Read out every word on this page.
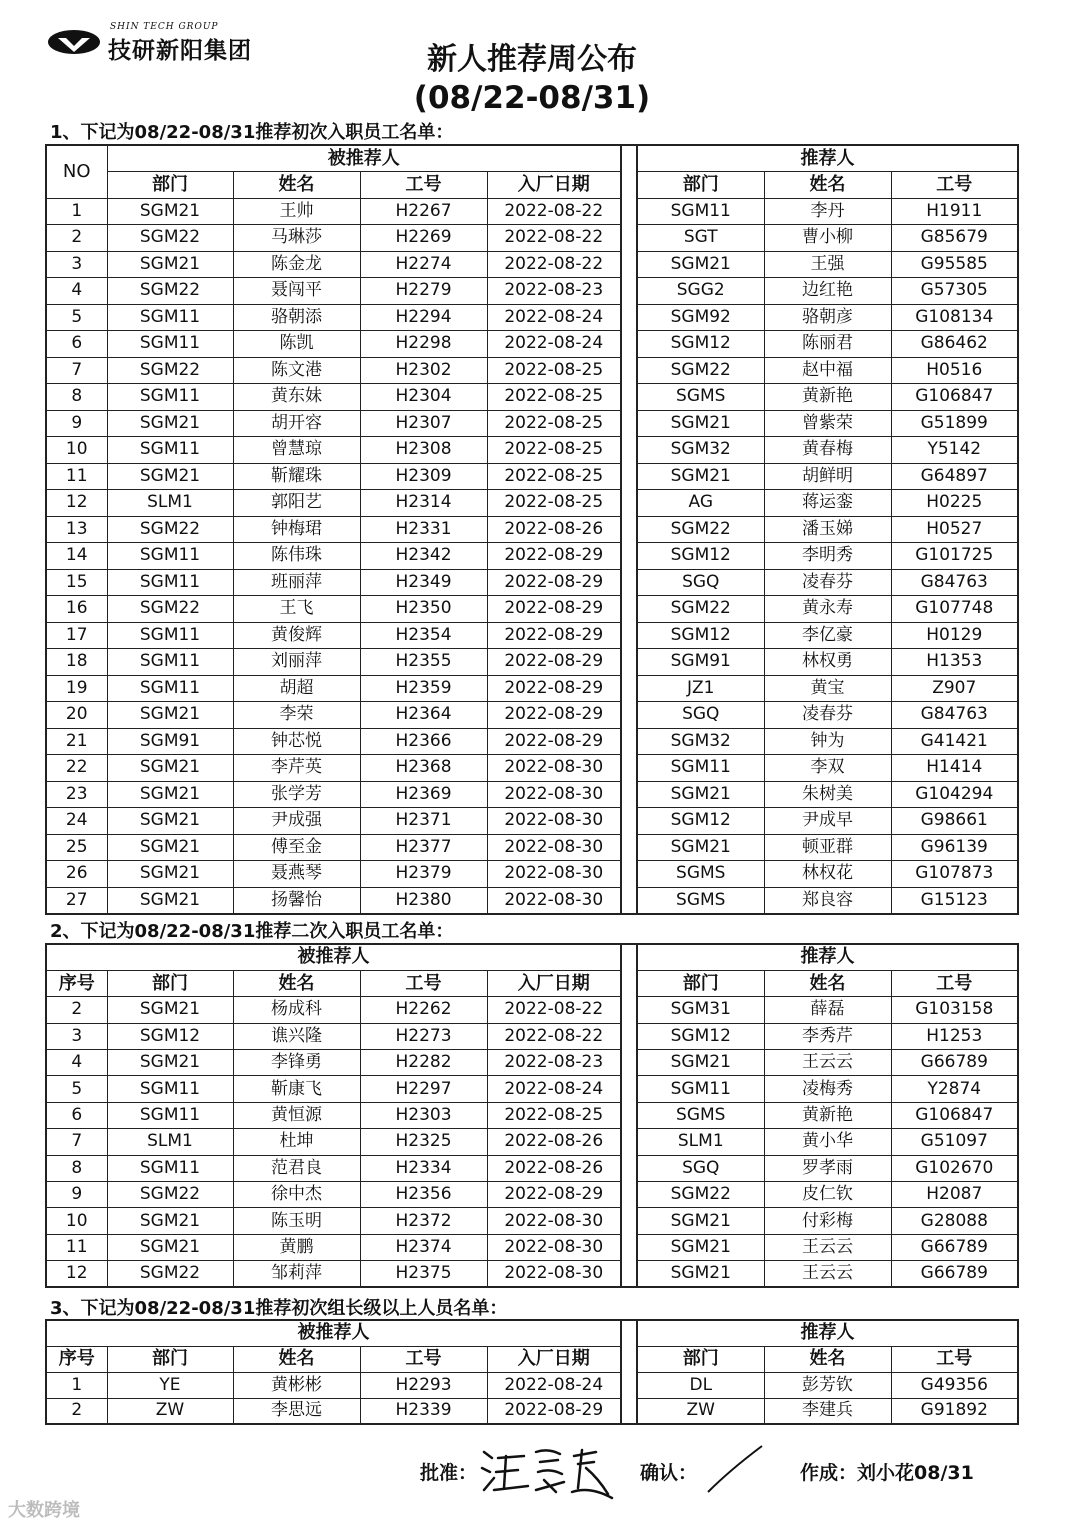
SHIN TECH GROUP
技研新阳集团	新人推荐周公布
(08/22-08/31)
1、下记为08/22-08/31推荐初次入职员工名单：
NO	被推荐人					推荐人		
	部门	姓名	工号	入厂日期		部门	姓名	工号
1	SGM21	王帅	H2267	2022-08-22		SGM11	李丹	H1911
2	SGM22	马琳莎	H2269	2022-08-22		SGT	曹小柳	G85679
3	SGM21	陈金龙	H2274	2022-08-22		SGM21	王强	G95585
4	SGM22	聂闯平	H2279	2022-08-23		SGG2	边红艳	G57305
5	SGM11	骆朝添	H2294	2022-08-24		SGM92	骆朝彦	G108134
6	SGM11	陈凯	H2298	2022-08-24		SGM12	陈丽君	G86462
7	SGM22	陈文港	H2302	2022-08-25		SGM22	赵中福	H0516
8	SGM11	黄东妹	H2304	2022-08-25		SGMS	黄新艳	G106847
9	SGM21	胡开容	H2307	2022-08-25		SGM21	曾紫荣	G51899
10	SGM11	曾慧琼	H2308	2022-08-25		SGM32	黄春梅	Y5142
11	SGM21	靳耀珠	H2309	2022-08-25		SGM21	胡鲜明	G64897
12	SLM1	郭阳艺	H2314	2022-08-25		AG	蒋运銮	H0225
13	SGM22	钟梅珺	H2331	2022-08-26		SGM22	潘玉娣	H0527
14	SGM11	陈伟珠	H2342	2022-08-29		SGM12	李明秀	G101725
15	SGM11	班丽萍	H2349	2022-08-29		SGQ	凌春芬	G84763
16	SGM22	王飞	H2350	2022-08-29		SGM22	黄永寿	G107748
17	SGM11	黄俊辉	H2354	2022-08-29		SGM12	李亿豪	H0129
18	SGM11	刘丽萍	H2355	2022-08-29		SGM91	林权勇	H1353
19	SGM11	胡超	H2359	2022-08-29		JZ1	黄宝	Z907
20	SGM21	李荣	H2364	2022-08-29		SGQ	凌春芬	G84763
21	SGM91	钟芯悦	H2366	2022-08-29		SGM32	钟为	G41421
22	SGM21	李芹英	H2368	2022-08-30		SGM11	李双	H1414
23	SGM21	张学芳	H2369	2022-08-30		SGM21	朱树美	G104294
24	SGM21	尹成强	H2371	2022-08-30		SGM12	尹成早	G98661
25	SGM21	傅至金	H2377	2022-08-30		SGM21	顿亚群	G96139
26	SGM21	聂燕琴	H2379	2022-08-30		SGMS	林权花	G107873
27	SGM21	扬馨怡	H2380	2022-08-30		SGMS	郑良容	G15123
2、下记为08/22-08/31推荐二次入职员工名单：
被推荐人						推荐人		
序号	部门	姓名	工号	入厂日期		部门	姓名	工号
2	SGM21	杨成科	H2262	2022-08-22		SGM31	薛磊	G103158
3	SGM12	谯兴隆	H2273	2022-08-22		SGM12	李秀芹	H1253
4	SGM21	李锋勇	H2282	2022-08-23		SGM21	王云云	G66789
5	SGM11	靳康飞	H2297	2022-08-24		SGM11	凌梅秀	Y2874
6	SGM11	黄恒源	H2303	2022-08-25		SGMS	黄新艳	G106847
7	SLM1	杜坤	H2325	2022-08-26		SLM1	黄小华	G51097
8	SGM11	范君良	H2334	2022-08-26		SGQ	罗孝雨	G102670
9	SGM22	徐中杰	H2356	2022-08-29		SGM22	皮仁钦	H2087
10	SGM21	陈玉明	H2372	2022-08-30		SGM21	付彩梅	G28088
11	SGM21	黄鹏	H2374	2022-08-30		SGM21	王云云	G66789
12	SGM22	邹莉萍	H2375	2022-08-30		SGM21	王云云	G66789
3、下记为08/22-08/31推荐初次组长级以上人员名单：
被推荐人						推荐人		
序号	部门	姓名	工号	入厂日期		部门	姓名	工号
1	YE	黄彬彬	H2293	2022-08-24		DL	彭芳钦	G49356
2	ZW	李思远	H2339	2022-08-29		ZW	李建兵	G91892
批准：	确认：	作成：刘小花08/31
大数跨境
